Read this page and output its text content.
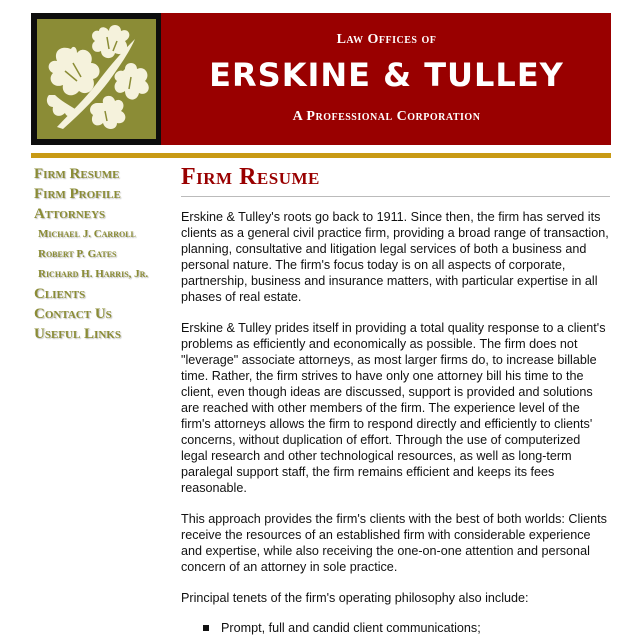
Law Offices of
ERSKINE & TULLEY
A Professional Corporation
Firm Resume
Firm Profile
Attorneys
Michael J. Carroll
Robert P. Gates
Richard H. Harris, Jr.
Clients
Contact Us
Useful Links
Firm Resume

Erskine & Tulley's roots go back to 1911. Since then, the firm has served its clients as a general civil practice firm, providing a broad range of transaction, planning, consultative and litigation legal services of both a business and personal nature. The firm's focus today is on all aspects of corporate, partnership, business and insurance matters, with particular expertise in all phases of real estate.

Erskine & Tulley prides itself in providing a total quality response to a client's problems as efficiently and economically as possible. The firm does not "leverage" associate attorneys, as most larger firms do, to increase billable time. Rather, the firm strives to have only one attorney bill his time to the client, even though ideas are discussed, support is provided and solutions are reached with other members of the firm. The experience level of the firm's attorneys allows the firm to respond directly and efficiently to clients' concerns, without duplication of effort. Through the use of computerized legal research and other technological resources, as well as long-term paralegal support staff, the firm remains efficient and keeps its fees reasonable.

This approach provides the firm's clients with the best of both worlds: Clients receive the resources of an established firm with considerable experience and expertise, while also receiving the one-on-one attention and personal concern of an attorney in sole practice.

Principal tenets of the firm's operating philosophy also include:

Prompt, full and candid client communications;
